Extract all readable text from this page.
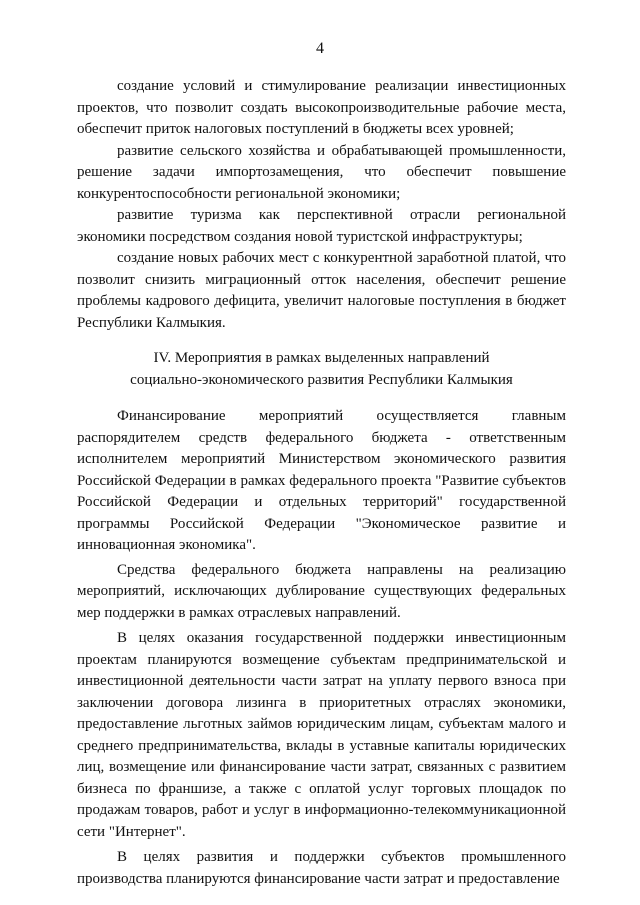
4

создание условий и стимулирование реализации инвестиционных проектов, что позволит создать высокопроизводительные рабочие места, обеспечит приток налоговых поступлений в бюджеты всех уровней;

развитие сельского хозяйства и обрабатывающей промышленности, решение задачи импортозамещения, что обеспечит повышение конкурентоспособности региональной экономики;

развитие туризма как перспективной отрасли региональной экономики посредством создания новой туристской инфраструктуры;

создание новых рабочих мест с конкурентной заработной платой, что позволит снизить миграционный отток населения, обеспечит решение проблемы кадрового дефицита, увеличит налоговые поступления в бюджет Республики Калмыкия.

IV. Мероприятия в рамках выделенных направлений
социально-экономического развития Республики Калмыкия

Финансирование мероприятий осуществляется главным распорядителем средств федерального бюджета - ответственным исполнителем мероприятий Министерством экономического развития Российской Федерации в рамках федерального проекта "Развитие субъектов Российской Федерации и отдельных территорий" государственной программы Российской Федерации "Экономическое развитие и инновационная экономика".

Средства федерального бюджета направлены на реализацию мероприятий, исключающих дублирование существующих федеральных мер поддержки в рамках отраслевых направлений.

В целях оказания государственной поддержки инвестиционным проектам планируются возмещение субъектам предпринимательской и инвестиционной деятельности части затрат на уплату первого взноса при заключении договора лизинга в приоритетных отраслях экономики, предоставление льготных займов юридическим лицам, субъектам малого и среднего предпринимательства, вклады в уставные капиталы юридических лиц, возмещение или финансирование части затрат, связанных с развитием бизнеса по франшизе, а также с оплатой услуг торговых площадок по продажам товаров, работ и услуг в информационно-телекоммуникационной сети "Интернет".

В целях развития и поддержки субъектов промышленного производства планируются финансирование части затрат и предоставление
